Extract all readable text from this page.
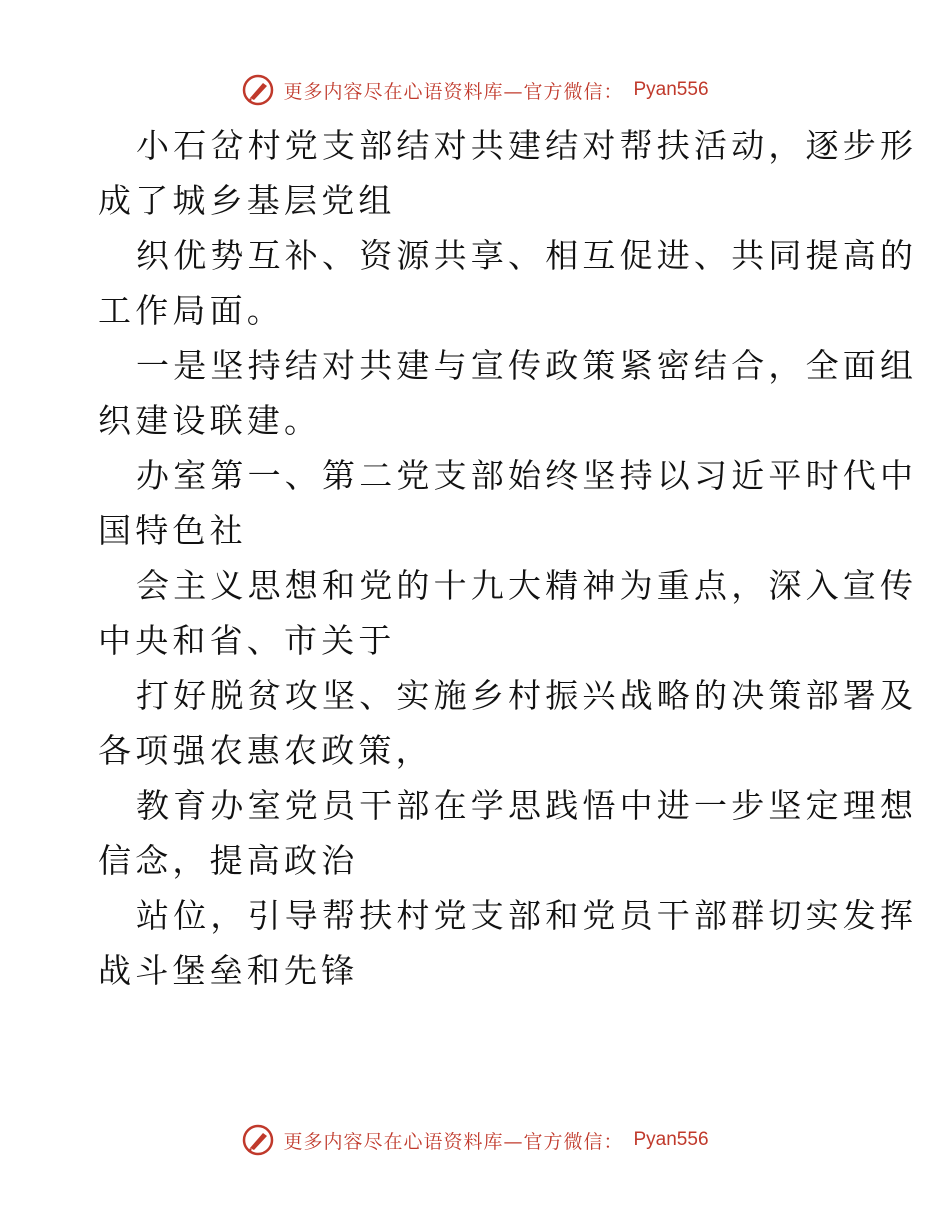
更多内容尽在心语资料库—官方微信： Pyan556
小石岔村党支部结对共建结对帮扶活动，逐步形
成了城乡基层党组
织优势互补、资源共享、相互促进、共同提高的
工作局面。
一是坚持结对共建与宣传政策紧密结合，全面组
织建设联建。
办室第一、第二党支部始终坚持以习近平时代中
国特色社
会主义思想和党的十九大精神为重点，深入宣传
中央和省、市关于
打好脱贫攻坚、实施乡村振兴战略的决策部署及
各项强农惠农政策，
教育办室党员干部在学思践悟中进一步坚定理想
信念，提高政治
站位，引导帮扶村党支部和党员干部群切实发挥
战斗堡垒和先锋
更多内容尽在心语资料库—官方微信： Pyan556
